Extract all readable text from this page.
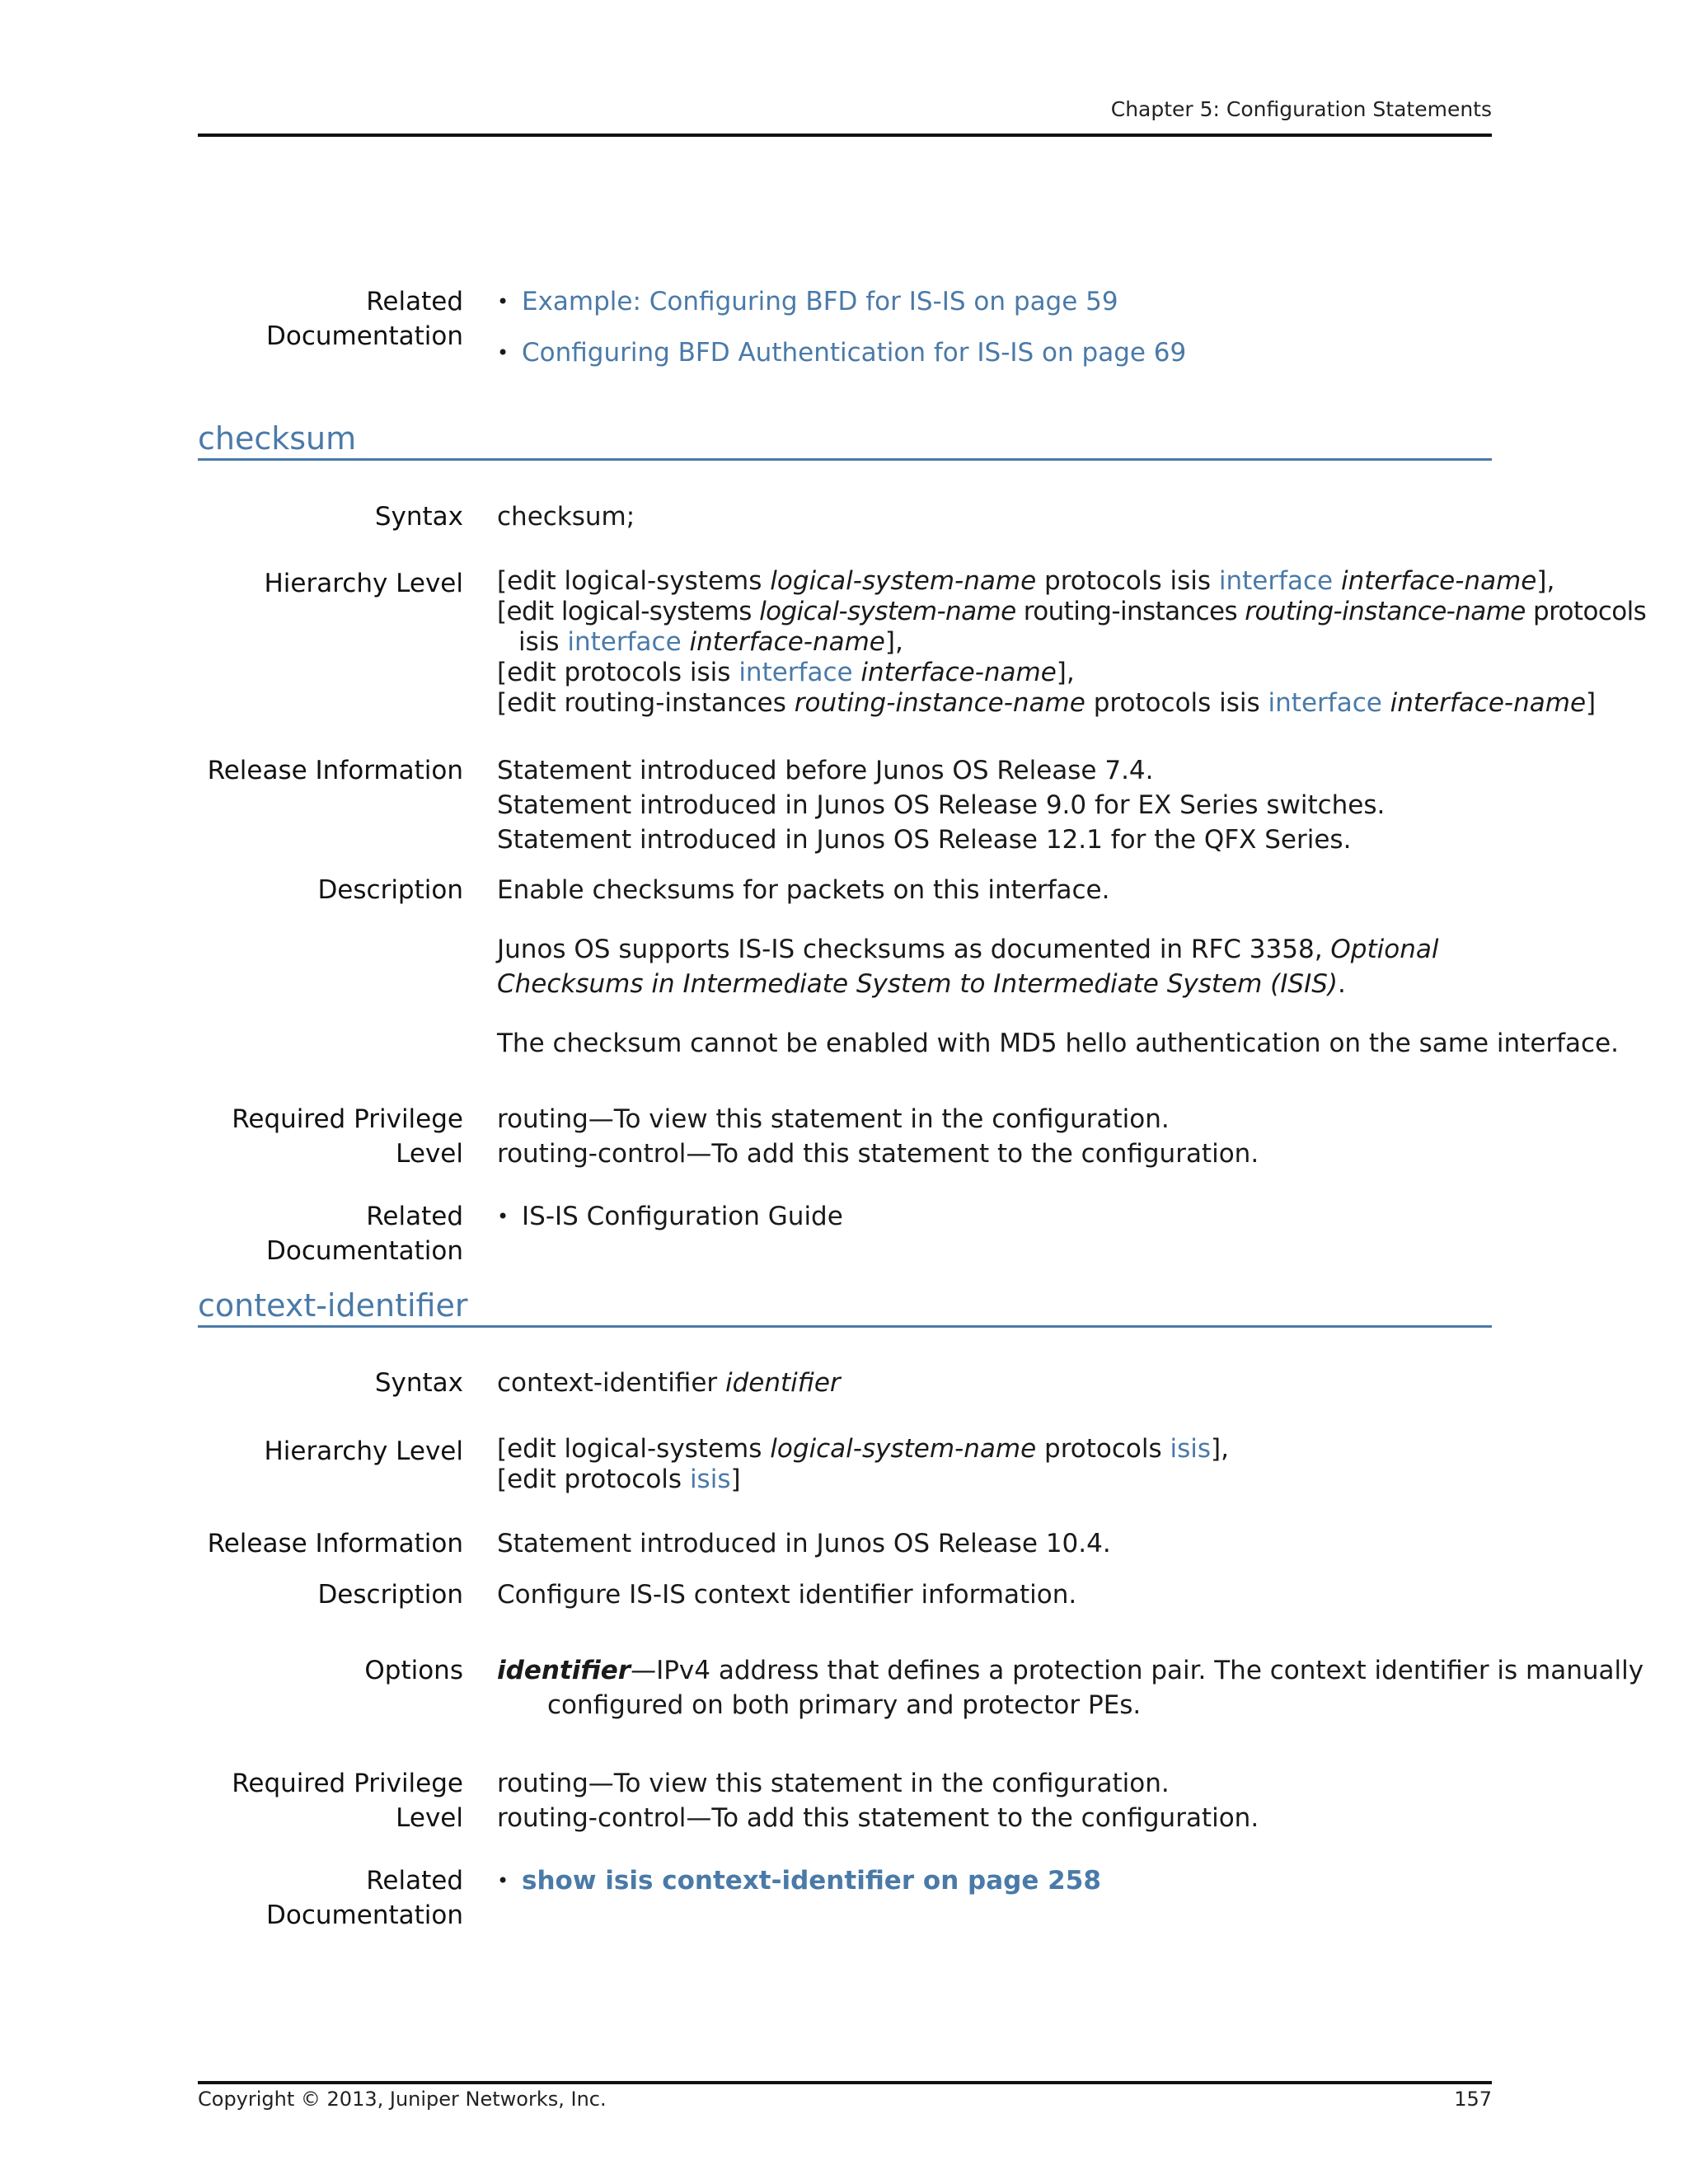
Chapter 5: Configuration Statements
Related
Documentation
• Example: Configuring BFD for IS-IS on page 59
• Configuring BFD Authentication for IS-IS on page 69
checksum
Syntax checksum;
Hierarchy Level [edit logical-systems logical-system-name protocols isis interface interface-name],
[edit logical-systems logical-system-name routing-instances routing-instance-name protocols
isis interface interface-name],
[edit protocols isis interface interface-name],
[edit routing-instances routing-instance-name protocols isis interface interface-name]
Release Information Statement introduced before Junos OS Release 7.4.
Statement introduced in Junos OS Release 9.0 for EX Series switches.
Statement introduced in Junos OS Release 12.1 for the QFX Series.
Description Enable checksums for packets on this interface.

Junos OS supports IS-IS checksums as documented in RFC 3358, Optional Checksums in Intermediate System to Intermediate System (ISIS).

The checksum cannot be enabled with MD5 hello authentication on the same interface.

Required Privilege
Level
routing—To view this statement in the configuration.
routing-control—To add this statement to the configuration.
Related
Documentation
• IS-IS Configuration Guide
context-identifier
Syntax context-identifier identifier
Hierarchy Level [edit logical-systems logical-system-name protocols isis],
[edit protocols isis]
Release Information Statement introduced in Junos OS Release 10.4.
Description Configure IS-IS context identifier information.
Options identifier—IPv4 address that defines a protection pair. The context identifier is manually
configured on both primary and protector PEs.
Required Privilege
Level
routing—To view this statement in the configuration.
routing-control—To add this statement to the configuration.
Related
Documentation
• show isis context-identifier on page 258
Copyright © 2013, Juniper Networks, Inc.	157
